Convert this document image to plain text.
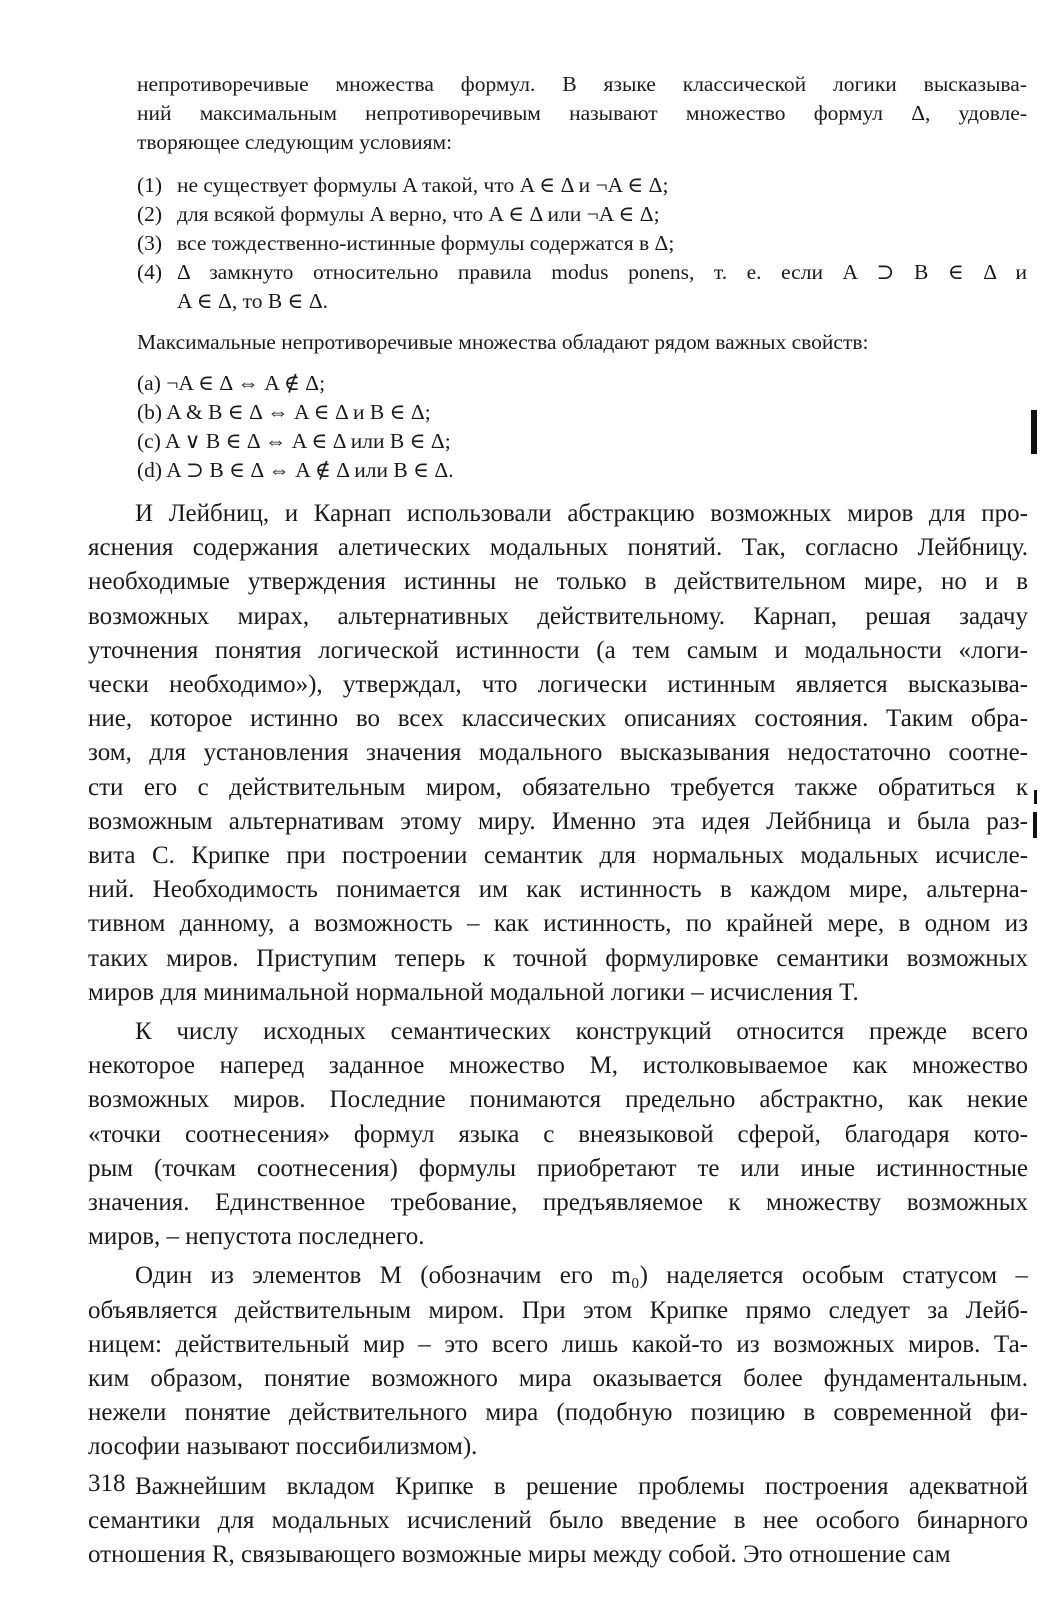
непротиворечивые множества формул. В языке классической логики высказыва-
ний максимальным непротиворечивым называют множество формул Δ, удовле-
творяющее следующим условиям:
(1) не существует формулы A такой, что A ∈ Δ и ¬A ∈ Δ;
(2) для всякой формулы A верно, что A ∈ Δ или ¬A ∈ Δ;
(3) все тождественно-истинные формулы содержатся в Δ;
(4) Δ замкнуто относительно правила modus ponens, т. е. если A ⊃ B ∈ Δ и
A ∈ Δ, то B ∈ Δ.
Максимальные непротиворечивые множества обладают рядом важных свойств:
(a) ¬A ∈ Δ ⇔ A ∉ Δ;
(b) A & B ∈ Δ ⇔ A ∈ Δ и B ∈ Δ;
(c) A ∨ B ∈ Δ ⇔ A ∈ Δ или B ∈ Δ;
(d) A ⊃ B ∈ Δ ⇔ A ∉ Δ или B ∈ Δ.
И Лейбниц, и Карнап использовали абстракцию возможных миров для про-
яснения содержания алетических модальных понятий. Так, согласно Лейбницу.
необходимые утверждения истинны не только в действительном мире, но и в
возможных мирах, альтернативных действительному. Карнап, решая задачу
уточнения понятия логической истинности (а тем самым и модальности «логи-
чески необходимо»), утверждал, что логически истинным является высказыва-
ние, которое истинно во всех классических описаниях состояния. Таким обра-
зом, для установления значения модального высказывания недостаточно соотне-
сти его с действительным миром, обязательно требуется также обратиться к
возможным альтернативам этому миру. Именно эта идея Лейбница и была раз-
вита С. Крипке при построении семантик для нормальных модальных исчисле-
ний. Необходимость понимается им как истинность в каждом мире, альтерна-
тивном данному, а возможность – как истинность, по крайней мере, в одном из
таких миров. Приступим теперь к точной формулировке семантики возможных
миров для минимальной нормальной модальной логики – исчисления T.
К числу исходных семантических конструкций относится прежде всего
некоторое наперед заданное множество M, истолковываемое как множество
возможных миров. Последние понимаются предельно абстрактно, как некие
«точки соотнесения» формул языка с внеязыковой сферой, благодаря кото-
рым (точкам соотнесения) формулы приобретают те или иные истинностные
значения. Единственное требование, предъявляемое к множеству возможных
миров, – непустота последнего.
Один из элементов M (обозначим его m₀) наделяется особым статусом –
объявляется действительным миром. При этом Крипке прямо следует за Лейб-
ницем: действительный мир – это всего лишь какой-то из возможных миров. Та-
ким образом, понятие возможного мира оказывается более фундаментальным.
нежели понятие действительного мира (подобную позицию в современной фи-
лософии называют поссибилизмом).
Важнейшим вкладом Крипке в решение проблемы построения адекватной
семантики для модальных исчислений было введение в нее особого бинарного
отношения R, связывающего возможные миры между собой. Это отношение сам
318
